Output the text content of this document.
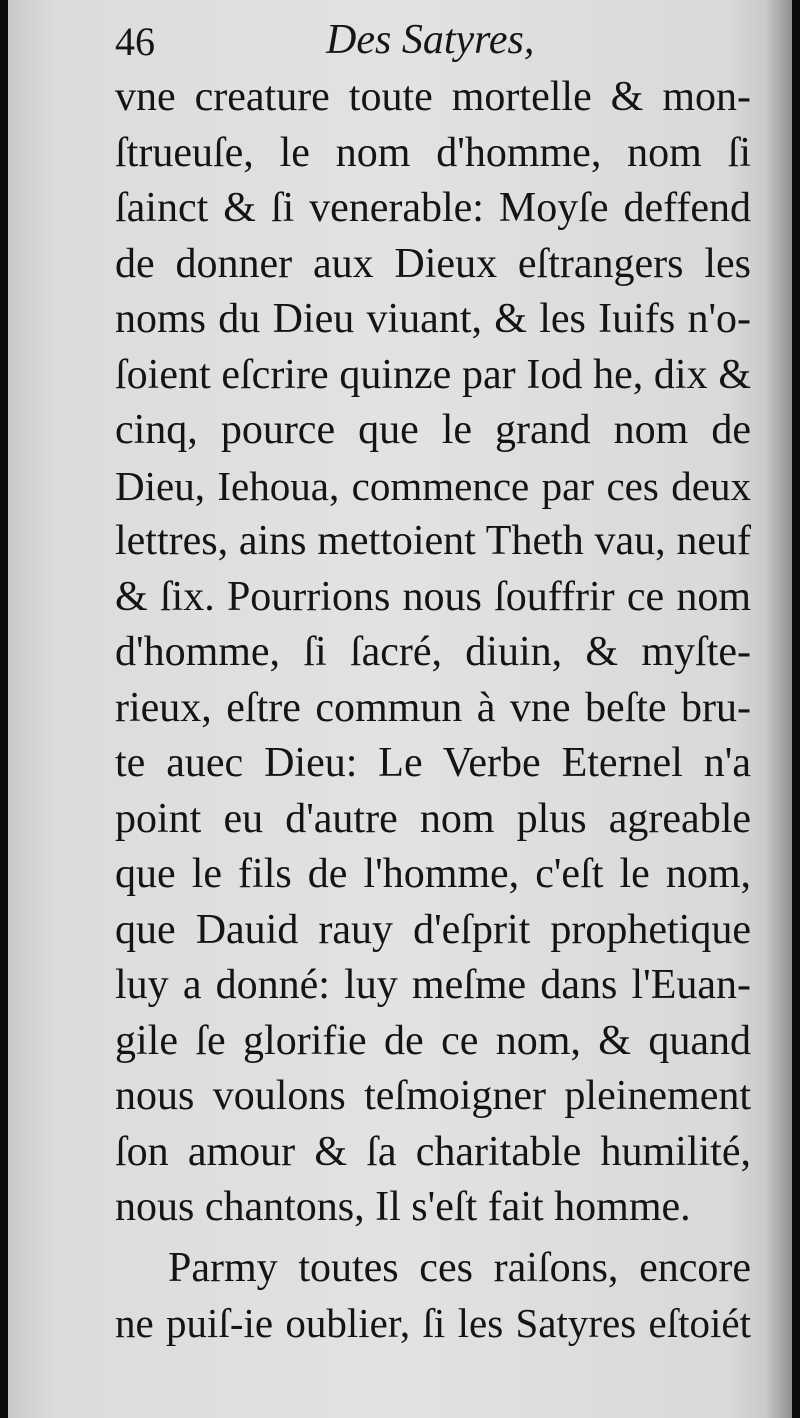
46	Des Satyres,
vne creature toute mortelle & mon-
ſtrueuſe, le nom d'homme, nom ſi
ſainct & ſi venerable: Moyſe deffend
de donner aux Dieux eſtrangers les
noms du Dieu viuant, & les Iuifs n'o-
ſoient eſcrire quinze par Iod he, dix &
cinq, pource que le grand nom de
Dieu, Iehoua, commence par ces deux
lettres, ains mettoient Theth vau, neuf
& ſix. Pourrions nous ſouffrir ce nom
d'homme, ſi ſacré, diuin, & myſte-
rieux, eſtre commun à vne beſte bru-
te auec Dieu: Le Verbe Eternel n'a
point eu d'autre nom plus agreable
que le fils de l'homme, c'eſt le nom,
que Dauid rauy d'eſprit prophetique
luy a donné: luy meſme dans l'Euan-
gile ſe glorifie de ce nom, & quand
nous voulons teſmoigner pleinement
ſon amour & ſa charitable humilité,
nous chantons, Il s'eſt fait homme.
Parmy toutes ces raiſons, encore
ne puiſ-ie oublier, ſi les Satyres eſtoiét
